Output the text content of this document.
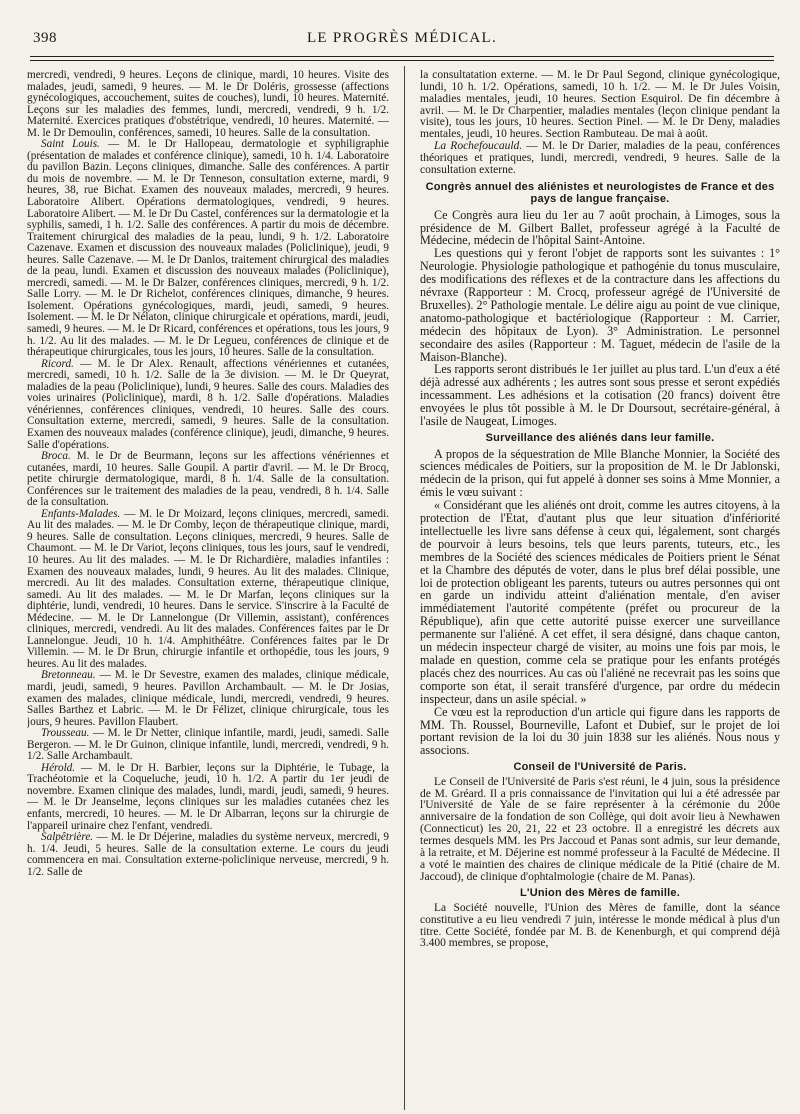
398	LE PROGRÈS MÉDICAL.

mercredi, vendredi, 9 heures. Leçons de clinique, mardi, 10 heures. Visite des malades, jeudi, samedi, 9 heures. — M. le Dr Doléris, grossesse (affections gynécologiques, accouchement, suites de couches), lundi, 10 heures. Maternité. Leçons sur les maladies des femmes, lundi, mercredi, vendredi, 9 h. 1/2. Maternité. Exercices pratiques d'obstétrique, vendredi, 10 heures. Maternité. — M. le Dr Demoulin, conférences, samedi, 10 heures. Salle de la consultation.

Saint Louis. — M. le Dr Hallopeau, dermatologie et syphiligraphie (présentation de malades et conférence clinique), samedi, 10 h. 1/4. Laboratoire du pavillon Bazin. Leçons cliniques, dimanche. Salle des conférences. A partir du mois de novembre. — M. le Dr Tenneson, consultation externe, mardi, 9 heures, 38, rue Bichat. Examen des nouveaux malades, mercredi, 9 heures. Laboratoire Alibert. Opérations dermatologiques, vendredi, 9 heures. Laboratoire Alibert. — M. le Dr Du Castel, conférences sur la dermatologie et la syphilis, samedi, 1 h. 1/2. Salle des conférences. A partir du mois de décembre. Traitement chirurgical des maladies de la peau, lundi, 9 h. 1/2. Laboratoire Cazenave. Examen et discussion des nouveaux malades (Policlinique), jeudi, 9 heures. Salle Cazenave. — M. le Dr Danlos, traitement chirurgical des maladies de la peau, lundi. Examen et discussion des nouveaux malades (Policlinique), mercredi, samedi. — M. le Dr Balzer, conférences cliniques, mercredi, 9 h. 1/2. Salle Lorry. — M. le Dr Richelot, conférences cliniques, dimanche, 9 heures. Isolement. Opérations gynécologiques, mardi, jeudi, samedi, 9 heures. Isolement. — M. le Dr Nélaton, clinique chirurgicale et opérations, mardi, jeudi, samedi, 9 heures. — M. le Dr Ricard, conférences et opérations, tous les jours, 9 h. 1/2. Au lit des malades. — M. le Dr Legueu, conférences de clinique et de thérapeutique chirurgicales, tous les jours, 10 heures. Salle de la consultation.

Ricord. — M. le Dr Alex. Renault, affections vénériennes et cutanées, mercredi, samedi, 10 h. 1/2. Salle de la 3e division. — M. le Dr Queyrat, maladies de la peau (Policlinique), lundi, 9 heures. Salle des cours. Maladies des voies urinaires (Policlinique), mardi, 8 h. 1/2. Salle d'opérations. Maladies vénériennes, conférences cliniques, vendredi, 10 heures. Salle des cours. Consultation externe, mercredi, samedi, 9 heures. Salle de la consultation. Examen des nouveaux malades (conférence clinique), jeudi, dimanche, 9 heures. Salle d'opérations.

Broca. M. le Dr de Beurmann, leçons sur les affections vénériennes et cutanées, mardi, 10 heures. Salle Goupil. A partir d'avril. — M. le Dr Brocq, petite chirurgie dermatologique, mardi, 8 h. 1/4. Salle de la consultation. Conférences sur le traitement des maladies de la peau, vendredi, 8 h. 1/4. Salle de la consultation.

Enfants-Malades. — M. le Dr Moizard, leçons cliniques, mercredi, samedi. Au lit des malades. — M. le Dr Comby, leçon de thérapeutique clinique, mardi, 9 heures. Salle de consultation. Leçons cliniques, mercredi, 9 heures. Salle de Chaumont. — M. le Dr Variot, leçons cliniques, tous les jours, sauf le vendredi, 10 heures. Au lit des malades. — M. le Dr Richardière, maladies infantiles : Examen des nouveaux malades, lundi, 9 heures. Au lit des malades. Clinique, mercredi. Au lit des malades. Consultation externe, thérapeutique clinique, samedi. Au lit des malades. — M. le Dr Marfan, leçons cliniques sur la diphtérie, lundi, vendredi, 10 heures. Dans le service. S'inscrire à la Faculté de Médecine. — M. le Dr Lannelongue (Dr Villemin, assistant), conférences cliniques, mercredi, vendredi. Au lit des malades. Conférences faites par le Dr Lannelongue. Jeudi, 10 h. 1/4. Amphithéâtre. Conférences faites par le Dr Villemin. — M. le Dr Brun, chirurgie infantile et orthopédie, tous les jours, 9 heures. Au lit des malades.

Bretonneau. — M. le Dr Sevestre, examen des malades, clinique médicale, mardi, jeudi, samedi, 9 heures. Pavillon Archambault. — M. le Dr Josias, examen des malades, clinique médicale, lundi, mercredi, vendredi, 9 heures. Salles Barthez et Labric. — M. le Dr Félizet, clinique chirurgicale, tous les jours, 9 heures. Pavillon Flaubert.

Trousseau. — M. le Dr Netter, clinique infantile, mardi, jeudi, samedi. Salle Bergeron. — M. le Dr Guinon, clinique infantile, lundi, mercredi, vendredi, 9 h. 1/2. Salle Archambault.

Hérold. — M. le Dr H. Barbier, leçons sur la Diphtérie, le Tubage, la Trachéotomie et la Coqueluche, jeudi, 10 h. 1/2. A partir du 1er jeudi de novembre. Examen clinique des malades, lundi, mardi, jeudi, samedi, 9 heures. — M. le Dr Jeanselme, leçons cliniques sur les maladies cutanées chez les enfants, mercredi, 10 heures. — M. le Dr Albarran, leçons sur la chirurgie de l'appareil urinaire chez l'enfant, vendredi.

Salpêtrière. — M. le Dr Déjerine, maladies du système nerveux, mercredi, 9 h. 1/4. Jeudi, 5 heures. Salle de la consultation externe. Le cours du jeudi commencera en mai. Consultation externe-policlinique nerveuse, mercredi, 9 h. 1/2. Salle de

la consultatation externe. — M. le Dr Paul Segond, clinique gynécologique, lundi, 10 h. 1/2. Opérations, samedi, 10 h. 1/2. — M. le Dr Jules Voisin, maladies mentales, jeudi, 10 heures. Section Esquirol. De fin décembre à avril. — M. le Dr Charpentier, maladies mentales (leçon clinique pendant la visite), tous les jours, 10 heures. Section Pinel. — M. le Dr Deny, maladies mentales, jeudi, 10 heures. Section Rambuteau. De mai à août.

La Rochefoucauld. — M. le Dr Darier, maladies de la peau, conférences théoriques et pratiques, lundi, mercredi, vendredi, 9 heures. Salle de la consultation externe.

Congrès annuel des aliénistes et neurologistes de France et des pays de langue française.

Ce Congrès aura lieu du 1er au 7 août prochain, à Limoges, sous la présidence de M. Gilbert Ballet, professeur agrégé à la Faculté de Médecine, médecin de l'hôpital Saint-Antoine.

Les questions qui y feront l'objet de rapports sont les suivantes : 1° Neurologie. Physiologie pathologique et pathogénie du tonus musculaire, des modifications des réflexes et de la contracture dans les affections du névraxe (Rapporteur : M. Crocq, professeur agrégé de l'Université de Bruxelles). 2° Pathologie mentale. Le délire aigu au point de vue clinique, anatomo-pathologique et bactériologique (Rapporteur : M. Carrier, médecin des hôpitaux de Lyon). 3° Administration. Le personnel secondaire des asiles (Rapporteur : M. Taguet, médecin de l'asile de la Maison-Blanche).

Les rapports seront distribués le 1er juillet au plus tard. L'un d'eux a été déjà adressé aux adhérents ; les autres sont sous presse et seront expédiés incessamment. Les adhésions et la cotisation (20 francs) doivent être envoyées le plus tôt possible à M. le Dr Doursout, secrétaire-général, à l'asile de Naugeat, Limoges.

Surveillance des aliénés dans leur famille.

A propos de la séquestration de Mlle Blanche Monnier, la Société des sciences médicales de Poitiers, sur la proposition de M. le Dr Jablonski, médecin de la prison, qui fut appelé à donner ses soins à Mme Monnier, a émis le vœu suivant :

« Considérant que les aliénés ont droit, comme les autres citoyens, à la protection de l'Etat, d'autant plus que leur situation d'infériorité intellectuelle les livre sans défense à ceux qui, légalement, sont chargés de pourvoir à leurs besoins, tels que leurs parents, tuteurs, etc., les membres de la Société des sciences médicales de Poitiers prient le Sénat et la Chambre des députés de voter, dans le plus bref délai possible, une loi de protection obligeant les parents, tuteurs ou autres personnes qui ont en garde un individu atteint d'aliénation mentale, d'en aviser immédiatement l'autorité compétente (préfet ou procureur de la République), afin que cette autorité puisse exercer une surveillance permanente sur l'aliéné. A cet effet, il sera désigné, dans chaque canton, un médecin inspecteur chargé de visiter, au moins une fois par mois, le malade en question, comme cela se pratique pour les enfants protégés placés chez des nourrices. Au cas où l'aliéné ne recevrait pas les soins que comporte son état, il serait transféré d'urgence, par ordre du médecin inspecteur, dans un asile spécial. »

Ce vœu est la reproduction d'un article qui figure dans les rapports de MM. Th. Roussel, Bourneville, Lafont et Dubief, sur le projet de loi portant revision de la loi du 30 juin 1838 sur les aliénés. Nous nous y associons.

Conseil de l'Université de Paris.

Le Conseil de l'Université de Paris s'est réuni, le 4 juin, sous la présidence de M. Gréard. Il a pris connaissance de l'invitation qui lui a été adressée par l'Université de Yale de se faire représenter à la cérémonie du 200e anniversaire de la fondation de son Collège, qui doit avoir lieu à Newhawen (Connecticut) les 20, 21, 22 et 23 octobre. Il a enregistré les décrets aux termes desquels MM. les Prs Jaccoud et Panas sont admis, sur leur demande, à la retraite, et M. Déjerine est nommé professeur à la Faculté de Médecine. Il a voté le maintien des chaires de clinique médicale de la Pitié (chaire de M. Jaccoud), de clinique d'ophtalmologie (chaire de M. Panas).

L'Union des Mères de famille.

La Société nouvelle, l'Union des Mères de famille, dont la séance constitutive a eu lieu vendredi 7 juin, intéresse le monde médical à plus d'un titre. Cette Société, fondée par M. B. de Kenenburgh, et qui comprend déjà 3.400 membres, se propose,
